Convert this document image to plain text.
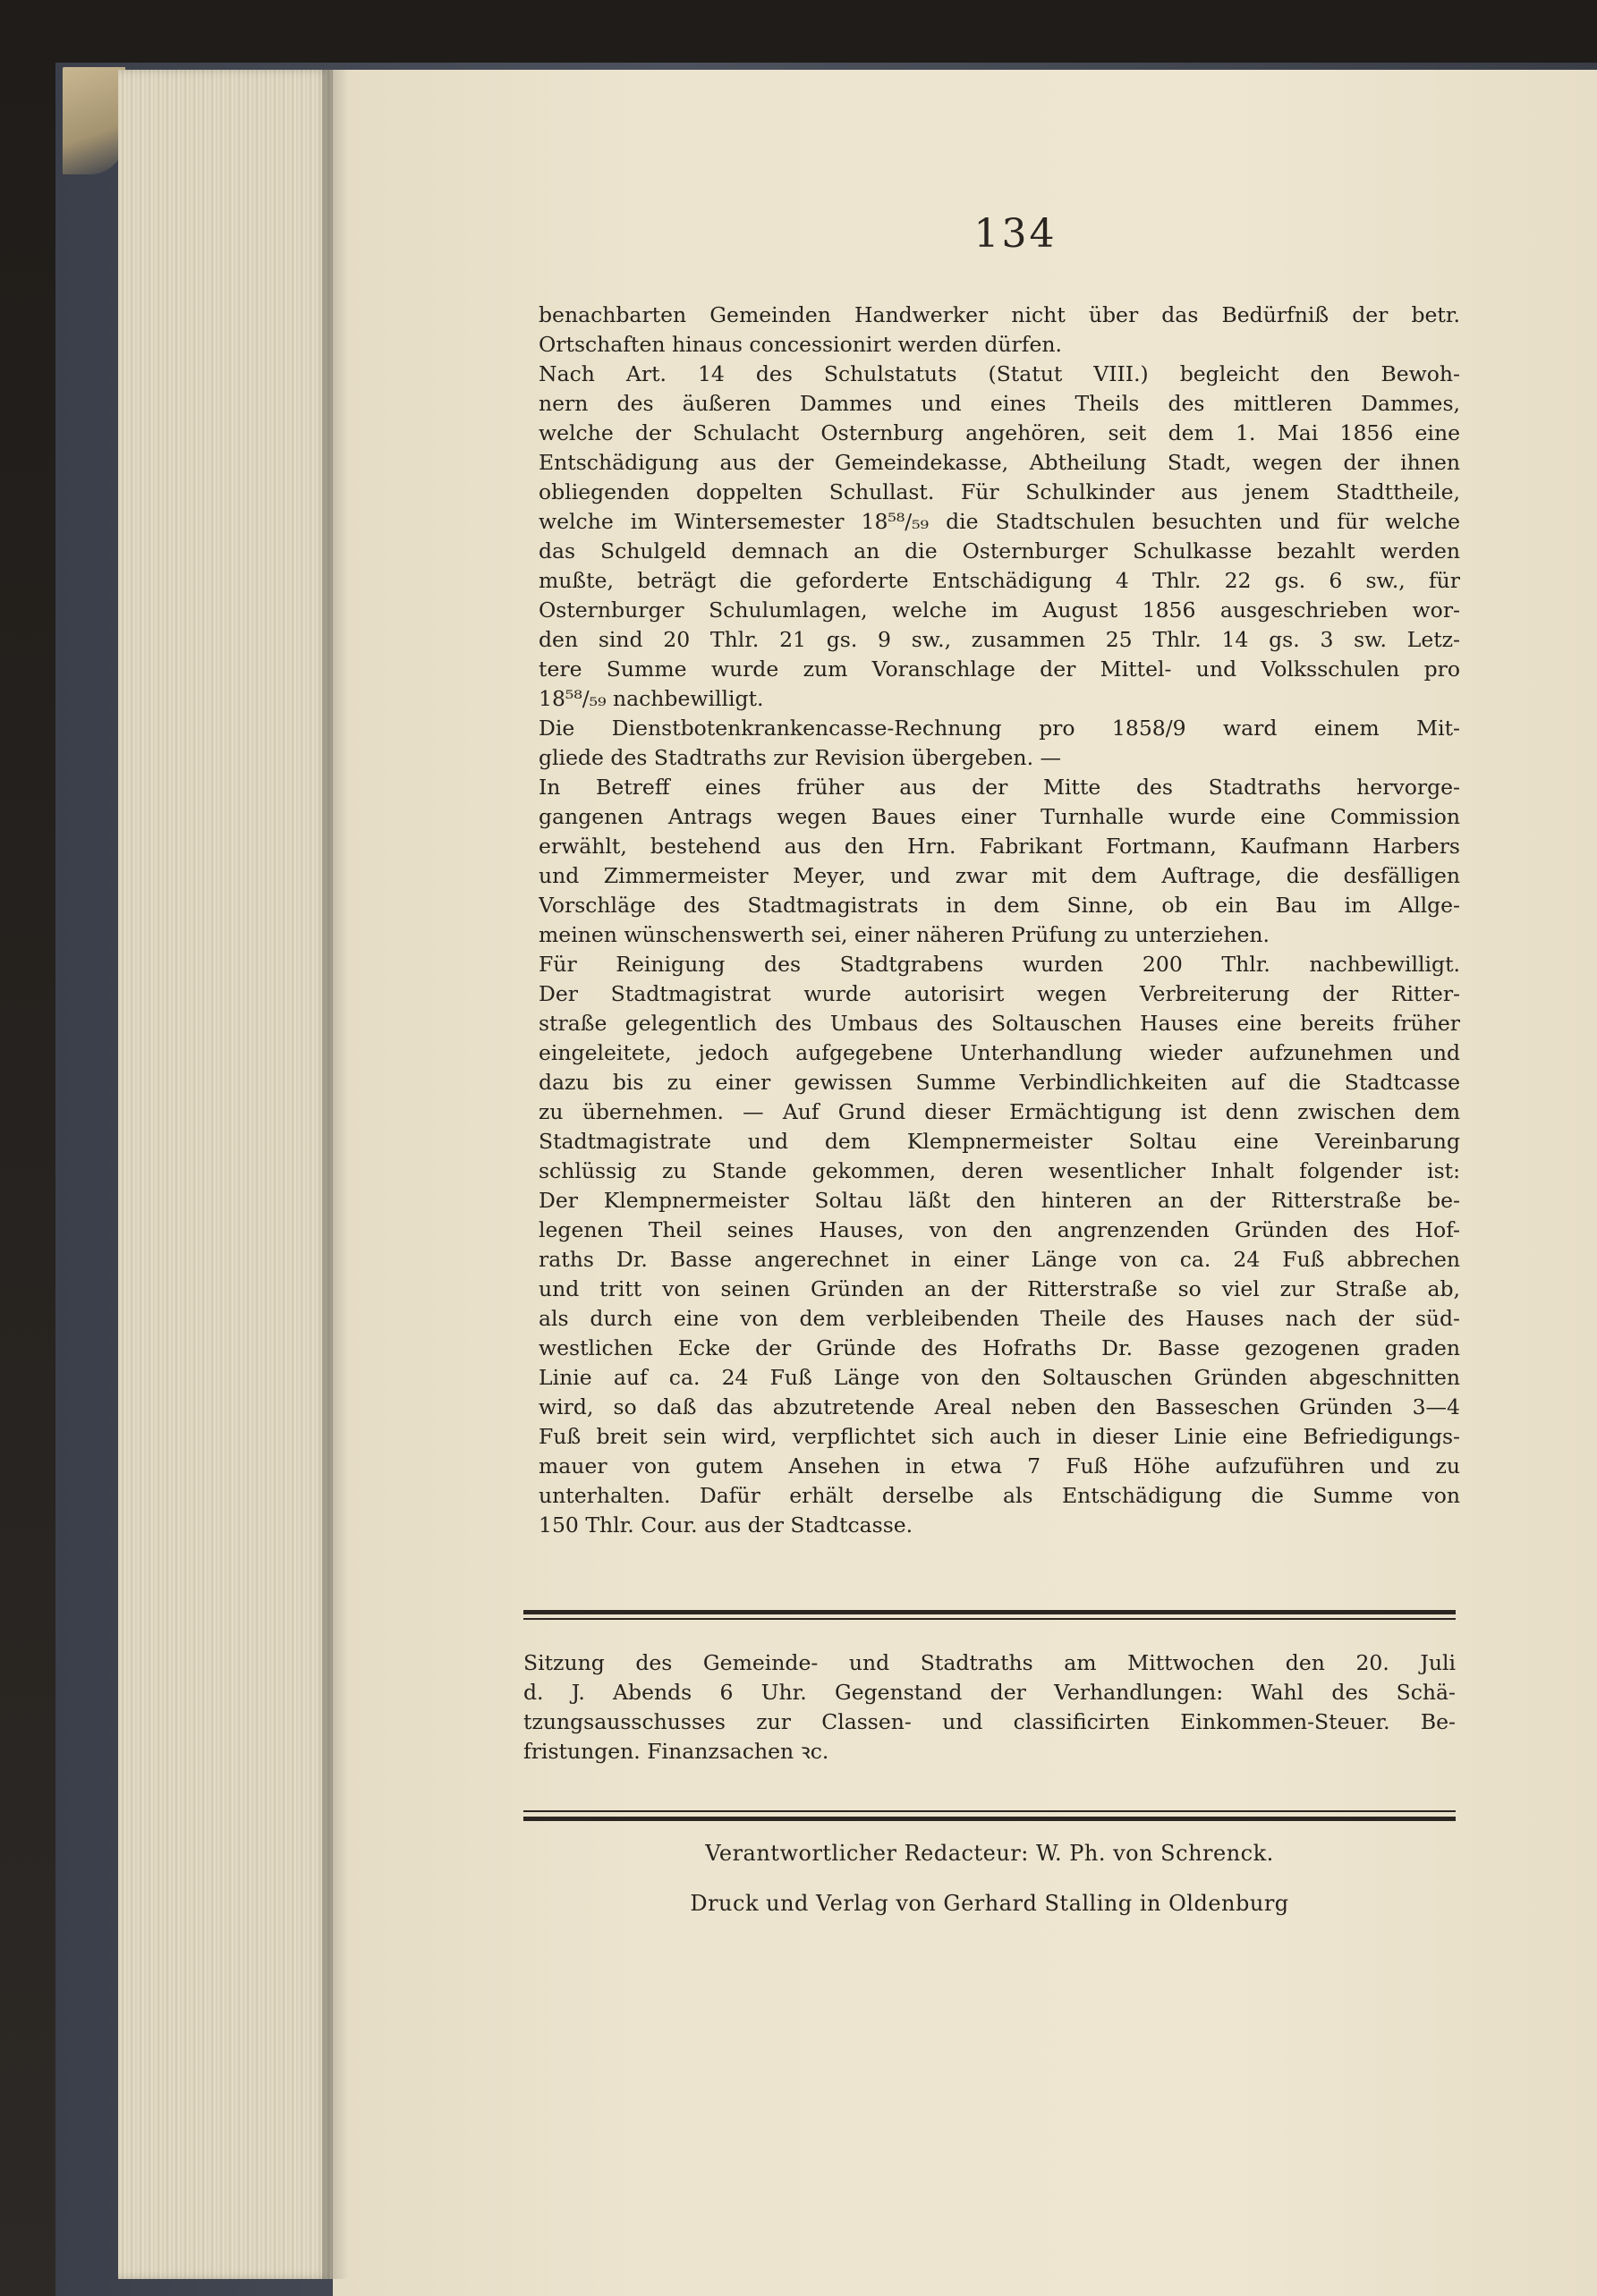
134
benachbarten Gemeinden Handwerker nicht über das Bedürfniß der betr.
Ortschaften hinaus concessionirt werden dürfen.
Nach Art. 14 des Schulstatuts (Statut VIII.) begleicht den Bewoh-
nern des äußeren Dammes und eines Theils des mittleren Dammes,
welche der Schulacht Osternburg angehören, seit dem 1. Mai 1856 eine
Entschädigung aus der Gemeindekasse, Abtheilung Stadt, wegen der ihnen
obliegenden doppelten Schullast. Für Schulkinder aus jenem Stadttheile,
welche im Wintersemester 18⁵⁸/₅₉ die Stadtschulen besuchten und für welche
das Schulgeld demnach an die Osternburger Schulkasse bezahlt werden
mußte, beträgt die geforderte Entschädigung 4 Thlr. 22 gs. 6 sw., für
Osternburger Schulumlagen, welche im August 1856 ausgeschrieben wor-
den sind 20 Thlr. 21 gs. 9 sw., zusammen 25 Thlr. 14 gs. 3 sw. Letz-
tere Summe wurde zum Voranschlage der Mittel- und Volksschulen pro
18⁵⁸/₅₉ nachbewilligt.
Die Dienstbotenkrankencasse-Rechnung pro 1858/9 ward einem Mit-
gliede des Stadtraths zur Revision übergeben. —
In Betreff eines früher aus der Mitte des Stadtraths hervorge-
gangenen Antrags wegen Baues einer Turnhalle wurde eine Commission
erwählt, bestehend aus den Hrn. Fabrikant Fortmann, Kaufmann Harbers
und Zimmermeister Meyer, und zwar mit dem Auftrage, die desfälligen
Vorschläge des Stadtmagistrats in dem Sinne, ob ein Bau im Allge-
meinen wünschenswerth sei, einer näheren Prüfung zu unterziehen.
Für Reinigung des Stadtgrabens wurden 200 Thlr. nachbewilligt.
Der Stadtmagistrat wurde autorisirt wegen Verbreiterung der Ritter-
straße gelegentlich des Umbaus des Soltauschen Hauses eine bereits früher
eingeleitete, jedoch aufgegebene Unterhandlung wieder aufzunehmen und
dazu bis zu einer gewissen Summe Verbindlichkeiten auf die Stadtcasse
zu übernehmen. — Auf Grund dieser Ermächtigung ist denn zwischen dem
Stadtmagistrate und dem Klempnermeister Soltau eine Vereinbarung
schlüssig zu Stande gekommen, deren wesentlicher Inhalt folgender ist:
Der Klempnermeister Soltau läßt den hinteren an der Ritterstraße be-
legenen Theil seines Hauses, von den angrenzenden Gründen des Hof-
raths Dr. Basse angerechnet in einer Länge von ca. 24 Fuß abbrechen
und tritt von seinen Gründen an der Ritterstraße so viel zur Straße ab,
als durch eine von dem verbleibenden Theile des Hauses nach der süd-
westlichen Ecke der Gründe des Hofraths Dr. Basse gezogenen graden
Linie auf ca. 24 Fuß Länge von den Soltauschen Gründen abgeschnitten
wird, so daß das abzutretende Areal neben den Basseschen Gründen 3—4
Fuß breit sein wird, verpflichtet sich auch in dieser Linie eine Befriedigungs-
mauer von gutem Ansehen in etwa 7 Fuß Höhe aufzuführen und zu
unterhalten. Dafür erhält derselbe als Entschädigung die Summe von
150 Thlr. Cour. aus der Stadtcasse.
Sitzung des Gemeinde- und Stadtraths am Mittwochen den 20. Juli
d. J. Abends 6 Uhr. Gegenstand der Verhandlungen: Wahl des Schä-
tzungsausschusses zur Classen- und classificirten Einkommen-Steuer. Be-
fristungen. Finanzsachen ꝛc.
Verantwortlicher Redacteur: W. Ph. von Schrenck.
Druck und Verlag von Gerhard Stalling in Oldenburg
